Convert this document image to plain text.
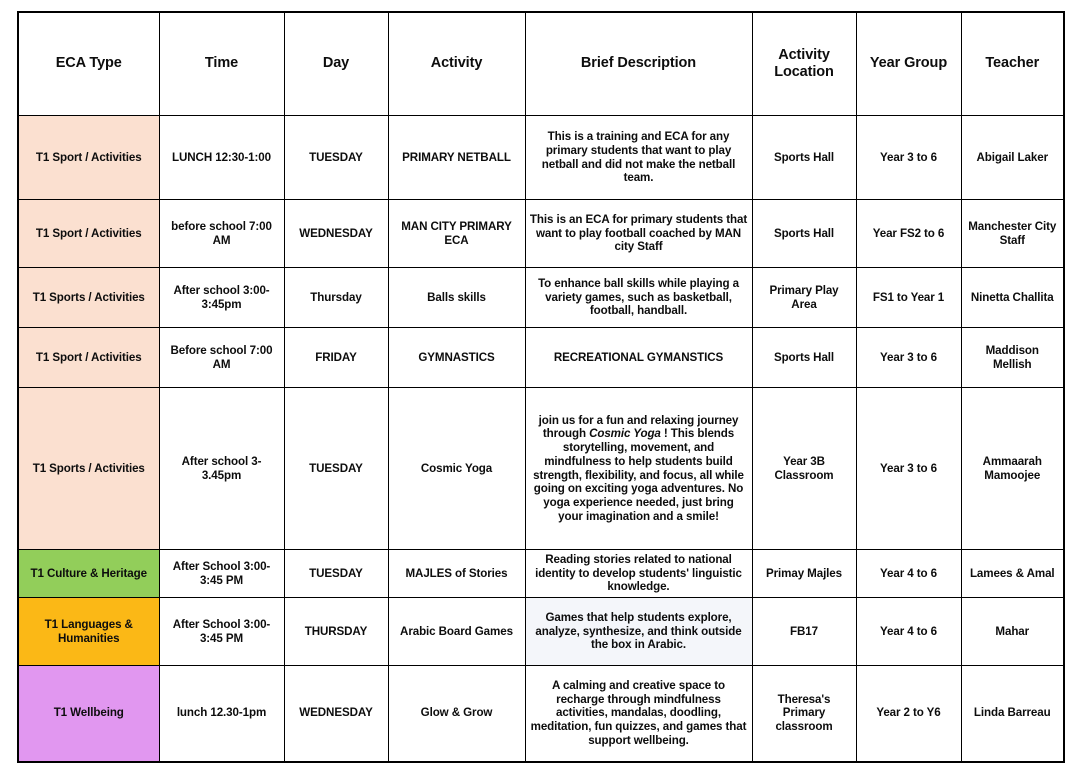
ECA Type	Time	Day	Activity	Brief Description	Activity Location	Year Group	Teacher
T1 Sport / Activities	LUNCH 12:30-1:00	TUESDAY	PRIMARY NETBALL	This is a training and ECA for any primary students that want to play netball and did not make the netball team.	Sports Hall	Year 3 to 6	Abigail Laker
T1 Sport / Activities	before school 7:00 AM	WEDNESDAY	MAN CITY PRIMARY ECA	This is an ECA for primary students that want to play football coached by MAN city Staff	Sports Hall	Year FS2 to 6	Manchester City Staff
T1 Sports / Activities	After school 3:00-3:45pm	Thursday	Balls skills	To enhance ball skills while playing a variety games, such as basketball, football, handball.	Primary Play Area	FS1 to Year 1	Ninetta Challita
T1 Sport / Activities	Before school 7:00 AM	FRIDAY	GYMNASTICS	RECREATIONAL GYMANSTICS	Sports Hall	Year 3 to 6	Maddison Mellish
T1 Sports / Activities	After school 3-3.45pm	TUESDAY	Cosmic Yoga	join us for a fun and relaxing journey through Cosmic Yoga ! This blends storytelling, movement, and mindfulness to help students build strength, flexibility, and focus, all while going on exciting yoga adventures. No yoga experience needed, just bring your imagination and a smile!	Year 3B Classroom	Year 3 to 6	Ammaarah Mamoojee
T1 Culture & Heritage	After School 3:00-3:45 PM	TUESDAY	MAJLES of Stories	Reading stories related to national identity to develop students' linguistic knowledge.	Primay Majles	Year 4 to 6	Lamees & Amal
T1 Languages & Humanities	After School 3:00-3:45 PM	THURSDAY	Arabic Board Games	Games that help students explore, analyze, synthesize, and think outside the box in Arabic.	FB17	Year 4 to 6	Mahar
T1 Wellbeing	lunch 12.30-1pm	WEDNESDAY	Glow & Grow	A calming and creative space to recharge through mindfulness activities, mandalas, doodling, meditation, fun quizzes, and games that support wellbeing.	Theresa's Primary classroom	Year 2 to Y6	Linda Barreau
